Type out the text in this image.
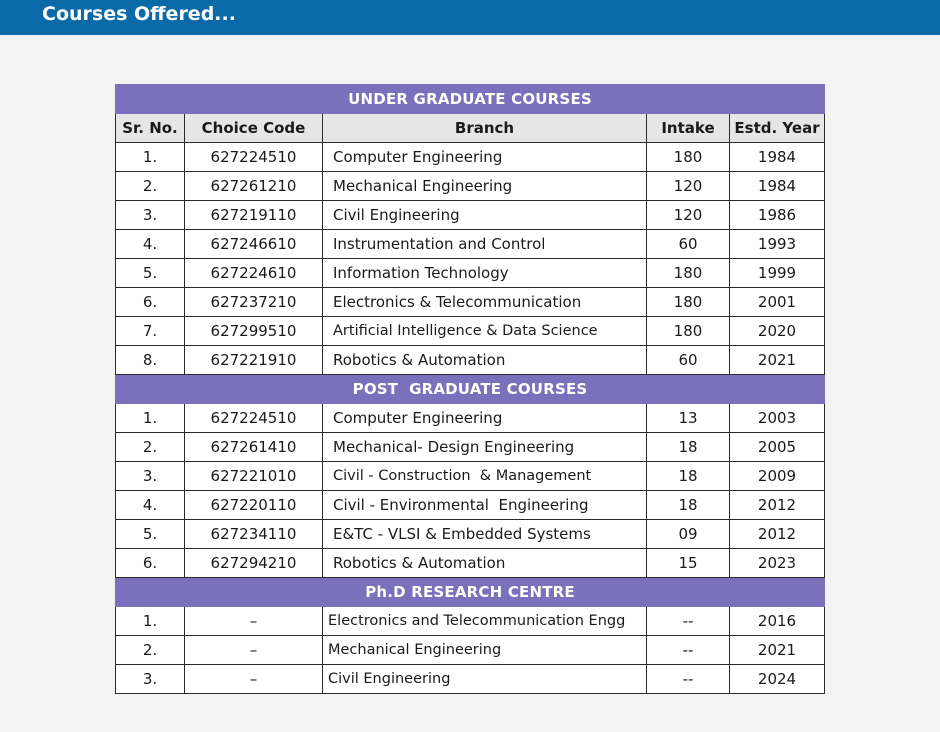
Courses Offered...
UNDER GRADUATE COURSES				
Sr. No.	Choice Code	Branch	Intake	Estd. Year
1.	627224510	Computer Engineering	180	1984
2.	627261210	Mechanical Engineering	120	1984
3.	627219110	Civil Engineering	120	1986
4.	627246610	Instrumentation and Control	60	1993
5.	627224610	Information Technology	180	1999
6.	627237210	Electronics & Telecommunication	180	2001
7.	627299510	Artificial Intelligence & Data Science	180	2020
8.	627221910	Robotics & Automation	60	2021
POST  GRADUATE COURSES				
1.	627224510	Computer Engineering	13	2003
2.	627261410	Mechanical- Design Engineering	18	2005
3.	627221010	Civil - Construction  & Management	18	2009
4.	627220110	Civil - Environmental  Engineering	18	2012
5.	627234110	E&TC - VLSI & Embedded Systems	09	2012
6.	627294210	Robotics & Automation	15	2023
Ph.D RESEARCH CENTRE				
1.	–	Electronics and Telecommunication Engg	--	2016
2.	–	Mechanical Engineering	--	2021
3.	–	Civil Engineering	--	2024
